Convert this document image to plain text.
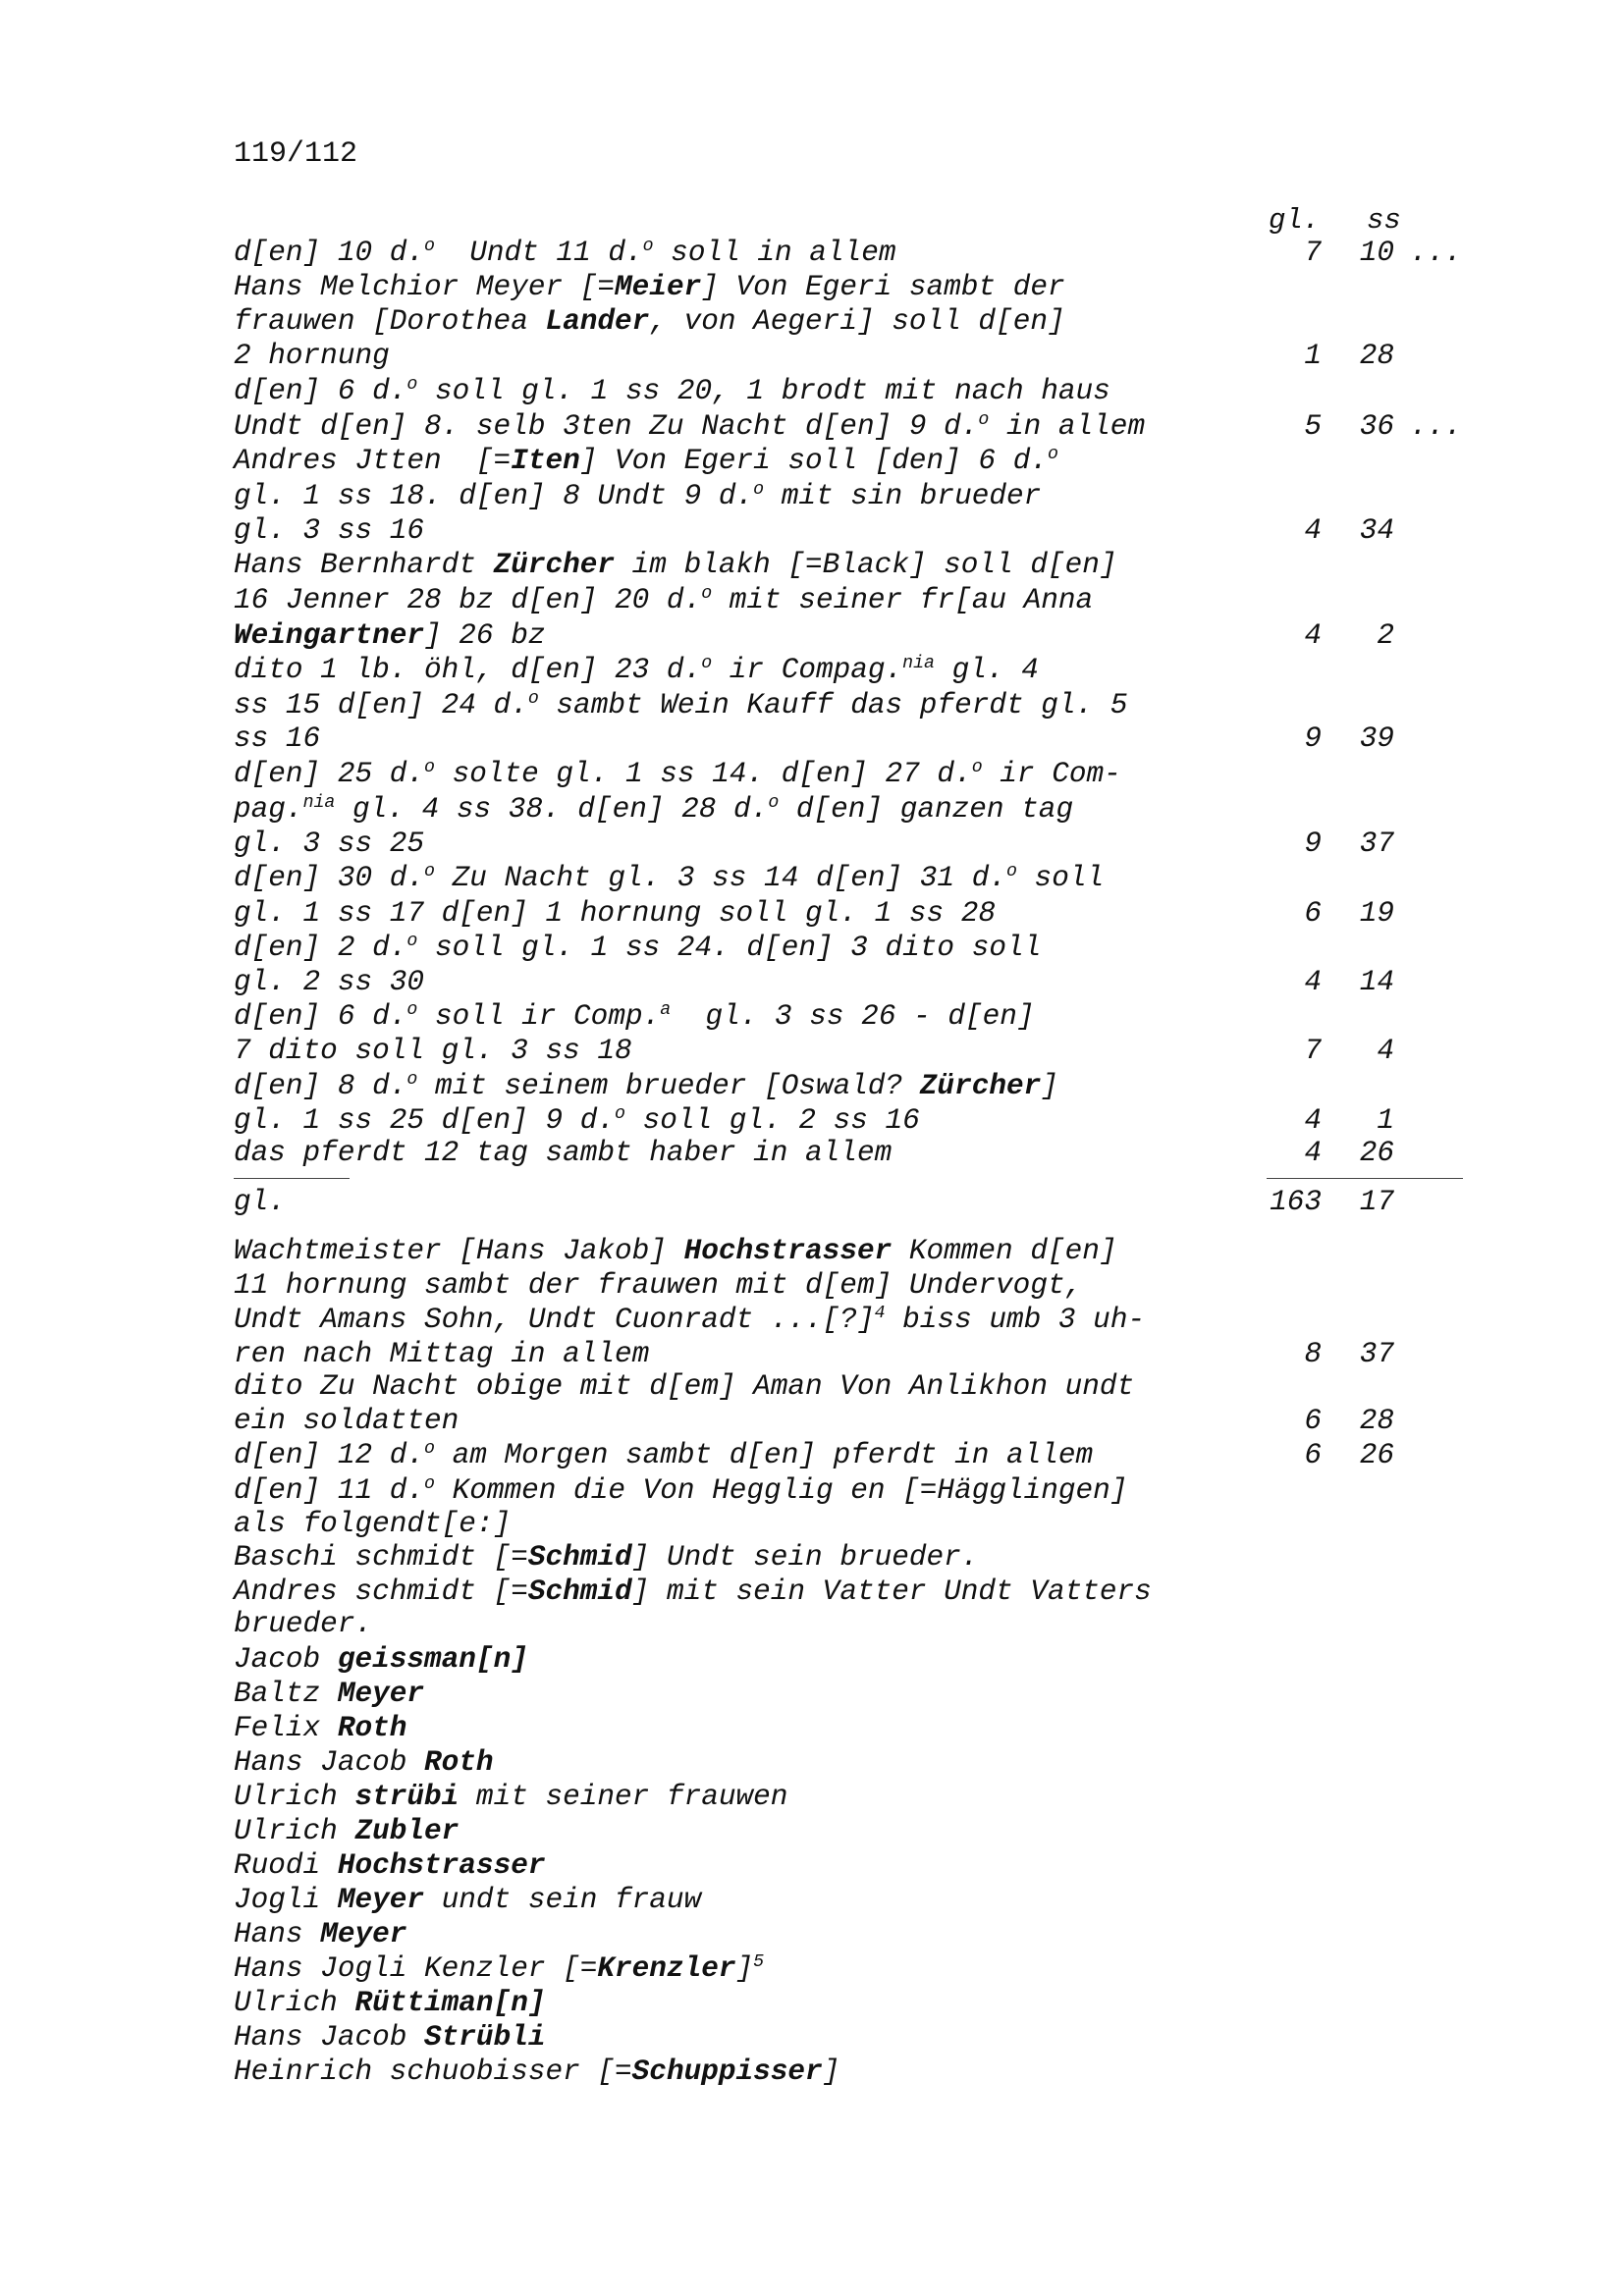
119/112
gl. ss
d[en] 10 d.$^o$  Undt 11 d.$^o$ soll in allem	7	10 ...
Hans Melchior Meyer [=Meier] Von Egeri sambt der
frauwen [Dorothea Lander, von Aegeri] soll d[en]
2 hornung	1	28
d[en] 6 d.$^o$ soll gl. 1 ss 20, 1 brodt mit nach haus
Undt d[en] 8. selb 3ten Zu Nacht d[en] 9 d.$^o$ in allem	5	36 ...
Andres Jtten  [=Iten] Von Egeri soll [den] 6 d.$^o$
gl. 1 ss 18. d[en] 8 Undt 9 d.$^o$ mit sin brueder
gl. 3 ss 16	4	34
Hans Bernhardt Zürcher im blakh [=Black] soll d[en]
16 Jenner 28 bz d[en] 20 d.$^o$ mit seiner fr[au Anna
Weingartner] 26 bz	4	2
dito 1 lb. öhl, d[en] 23 d.$^o$ ir Compag.$^{nia}$ gl. 4
ss 15 d[en] 24 d.$^o$ sambt Wein Kauff das pferdt gl. 5
ss 16	9	39
d[en] 25 d.$^o$ solte gl. 1 ss 14. d[en] 27 d.$^o$ ir Com-
pag.$^{nia}$ gl. 4 ss 38. d[en] 28 d.$^o$ d[en] ganzen tag
gl. 3 ss 25	9	37
d[en] 30 d.$^o$ Zu Nacht gl. 3 ss 14 d[en] 31 d.$^o$ soll
gl. 1 ss 17 d[en] 1 hornung soll gl. 1 ss 28	6	19
d[en] 2 d.$^o$ soll gl. 1 ss 24. d[en] 3 dito soll
gl. 2 ss 30	4	14
d[en] 6 d.$^o$ soll ir Comp.$^a$  gl. 3 ss 26 - d[en]
7 dito soll gl. 3 ss 18	7	4
d[en] 8 d.$^o$ mit seinem brueder [Oswald? Zürcher]
gl. 1 ss 25 d[en] 9 d.$^o$ soll gl. 2 ss 16	4	1
das pferdt 12 tag sambt haber in allem	4	26
gl.	163	17
Wachtmeister [Hans Jakob] Hochstrasser Kommen d[en]
11 hornung sambt der frauwen mit d[em] Undervogt,
Undt Amans Sohn, Undt Cuonradt ...[?]$^4$ biss umb 3 uh-
ren nach Mittag in allem	8	37
dito Zu Nacht obige mit d[em] Aman Von Anlikhon undt
ein soldatten	6	28
d[en] 12 d.$^o$ am Morgen sambt d[en] pferdt in allem	6	26
d[en] 11 d.$^o$ Kommen die Von Hegglig en [=Hägglingen]
als folgendt[e:]
Baschi schmidt [=Schmid] Undt sein brueder.
Andres schmidt [=Schmid] mit sein Vatter Undt Vatters
brueder.
Jacob geissman[n]
Baltz Meyer
Felix Roth
Hans Jacob Roth
Ulrich strübi mit seiner frauwen
Ulrich Zubler
Ruodi Hochstrasser
Jogli Meyer undt sein frauw
Hans Meyer
Hans Jogli Kenzler [=Krenzler]$^5$
Ulrich Rüttiman[n]
Hans Jacob Strübli
Heinrich schuobisser [=Schuppisser]
